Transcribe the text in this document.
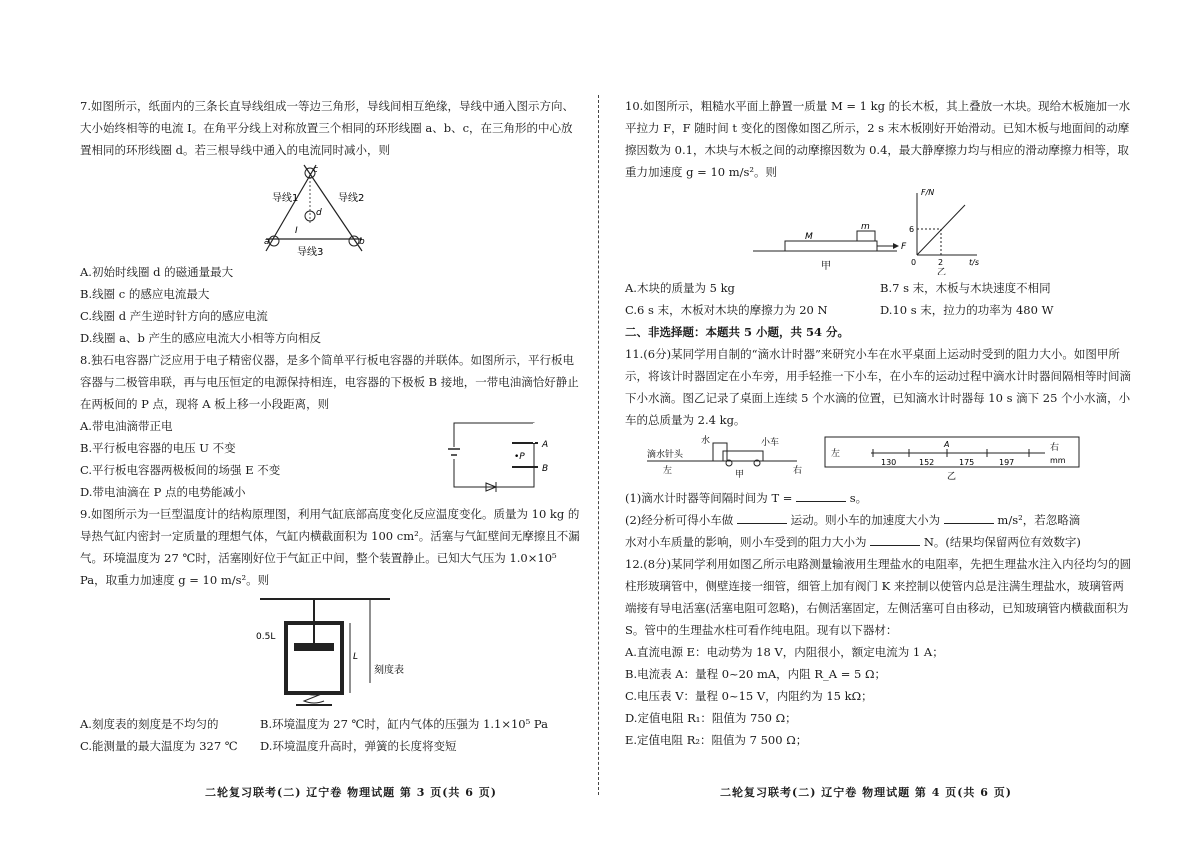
7.如图所示，纸面内的三条长直导线组成一等边三角形，导线间相互绝缘，导线中通入图示方向、大小始终相等的电流 I。在角平分线上对称放置三个相同的环形线圈 a、b、c，在三角形的中心放置相同的环形线圈 d。若三根导线中通入的电流同时减小，则

c
d
a	b
导线1	导线2
导线3
I

A.初始时线圈 d 的磁通量最大

B.线圈 c 的感应电流最大

C.线圈 d 产生逆时针方向的感应电流

D.线圈 a、b 产生的感应电流大小相等方向相反

8.独石电容器广泛应用于电子精密仪器，是多个简单平行板电容器的并联体。如图所示，平行板电容器与二极管串联，再与电压恒定的电源保持相连，电容器的下极板 B 接地，一带电油滴恰好静止在两板间的 P 点，现将 A 板上移一小段距离，则

A.带电油滴带正电

B.平行板电容器的电压 U 不变

C.平行板电容器两极板间的场强 E 不变

D.带电油滴在 P 点的电势能减小

A
B
•P

9.如图所示为一巨型温度计的结构原理图，利用气缸底部高度变化反应温度变化。质量为 10 kg 的导热气缸内密封一定质量的理想气体，气缸内横截面积为 100 cm²。活塞与气缸壁间无摩擦且不漏气。环境温度为 27 ℃时，活塞刚好位于气缸正中间，整个装置静止。已知大气压为 1.0×10⁵ Pa，取重力加速度 g = 10 m/s²。则

0.5L
L
刻度表
A.刻度表的刻度是不均匀的	B.环境温度为 27 ℃时，缸内气体的压强为 1.1×10⁵ Pa
C.能测量的最大温度为 327 ℃	D.环境温度升高时，弹簧的长度将变短
二轮复习联考(二) 辽宁卷 物理试题 第 3 页(共 6 页)

10.如图所示，粗糙水平面上静置一质量 M = 1 kg 的长木板，其上叠放一木块。现给木板施加一水平拉力 F，F 随时间 t 变化的图像如图乙所示，2 s 末木板刚好开始滑动。已知木板与地面间的动摩擦因数为 0.1，木块与木板之间的动摩擦因数为 0.4，最大静摩擦力均与相应的滑动摩擦力相等，取重力加速度 g = 10 m/s²。则

M
m
F
甲
F/N
t/s
6
0	2
乙
A.木块的质量为 5 kg	B.7 s 末，木板与木块速度不相同
C.6 s 末，木板对木块的摩擦力为 20 N	D.10 s 末，拉力的功率为 480 W

二、非选择题：本题共 5 小题，共 54 分。

11.(6分)某同学用自制的“滴水计时器”来研究小车在水平桌面上运动时受到的阻力大小。如图甲所示，将该计时器固定在小车旁，用手轻推一下小车，在小车的运动过程中滴水计时器间隔相等时间滴下小水滴。图乙记录了桌面上连续 5 个水滴的位置，已知滴水计时器每 10 s 滴下 25 个小水滴，小车的总质量为 2.4 kg。

水	小车
滴水针头
左	甲	右
左
右
mm
A
130	152	175	197
乙

(1)滴水计时器等间隔时间为 T =	s。

(2)经分析可得小车做	运动。则小车的加速度大小为	m/s²，若忽略滴

水对小车质量的影响，则小车受到的阻力大小为	N。(结果均保留两位有效数字)

12.(8分)某同学利用如图乙所示电路测量输液用生理盐水的电阻率，先把生理盐水注入内径均匀的圆柱形玻璃管中，侧壁连接一细管，细管上加有阀门 K 来控制以使管内总是注满生理盐水，玻璃管两端接有导电活塞(活塞电阻可忽略)，右侧活塞固定，左侧活塞可自由移动，已知玻璃管内横截面积为 S。管中的生理盐水柱可看作纯电阻。现有以下器材：

A.直流电源 E：电动势为 18 V，内阻很小，额定电流为 1 A；

B.电流表 A：量程 0~20 mA，内阻 R_A = 5 Ω；

C.电压表 V：量程 0~15 V，内阻约为 15 kΩ；

D.定值电阻 R₁：阻值为 750 Ω；

E.定值电阻 R₂：阻值为 7 500 Ω；

二轮复习联考(二) 辽宁卷 物理试题 第 4 页(共 6 页)
